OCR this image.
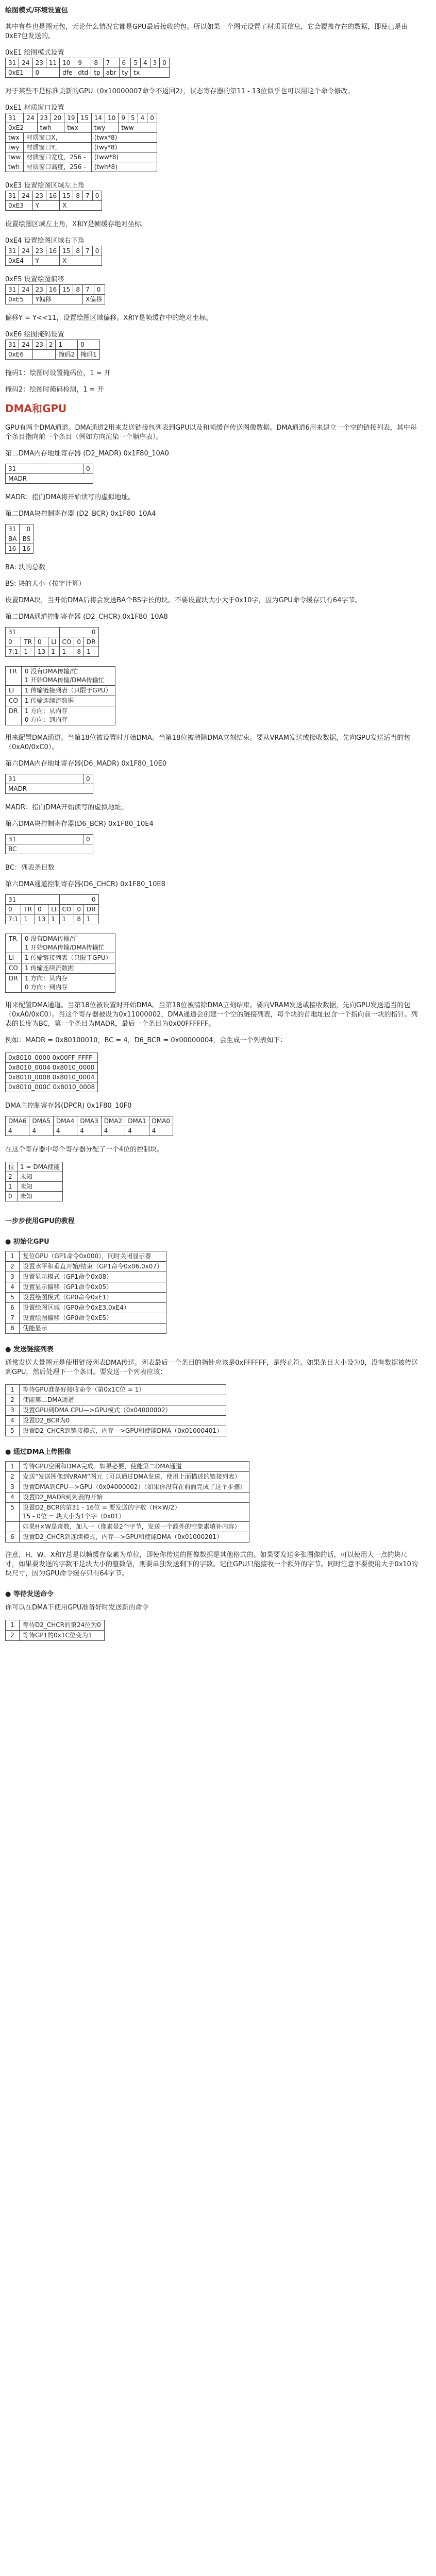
绘图模式/环境设置包

其中有些也是图元包，无论什么情况它都是GPU最后接收的包。所以如果一个图元设置了材质页信息，它会覆盖存在的数据，即使已是由0xE?包发送的。

0xE1 绘图模式设置
31	24	23	11	10	9	8	7	6	5	4	3	0
0xE1		0		dfe	dtd	tp	abr	ty	tx			

对于某些不是标准美新的GPU（0x10000007命令不返回2），状态寄存器的第11 - 13位似乎也可以用这个命令修改。

0xE1 材质窗口设置
31	24	23	20	19	15	14	10	9	5	4	0
0xE2		twh		twx		twy		tww			
twx	材质窗口X，					(twx*8)					
twy	材质窗口Y，					(twy*8)					
tww	材质窗口宽度，256 -					(tww*8)					
twh	材质窗口高度，256 -					(twh*8)					
0xE3 设置绘图区域左上角
31	24	23	16	15	8	7	0
0xE3		Y		X			

设置绘图区域左上角，X和Y是帧缓存绝对坐标。

0xE4 设置绘图区域右下角
31	24	23	16	15	8	7	0
0xE4		Y		X			
0xE5 设置绘图偏移
31	24	23	16	15	8	7	0
0xE5		Y偏移				X偏移	

偏移Y = Y<<11，设置绘图区域偏移。X和Y是帧缓存中的绝对坐标。

0xE6 绘图掩码设置
31	24	23	2	1	0
0xE6				掩码2	掩码1

掩码1：绘图时设置掩码位，1 = 开

掩码2：绘图时掩码检测，1 = 开

DMA和GPU

GPU有两个DMA通道。DMA通道2用来发送链接包列表到GPU以及和帧缓存传送图像数据。DMA通道6用来建立一个空的链接列表，其中每个条目指向前一个条目（例如方向渲染一个顺序表）。

第二DMA内存地址寄存器 (D2_MADR) 0x1F80_10A0
31	0
MADR

MADR：指向DMA将开始读写的虚拟地址。

第二DMA块控制寄存器 (D2_BCR) 0x1F80_10A4
31	0
BA	BS
16	16

BA: 块的总数

BS: 块的大小（按字计算）

设置DMA块，当开始DMA后将会发送BA个BS字长的块。不要设置块大小大于0x10字，因为GPU命令缓存只有64字节。

第二DMA通道控制寄存器 (D2_CHCR) 0x1F80_10A8
31				0		
0	TR	0	LI	CO	0	DR
7:1	1	13	1	1	8	1
TR	0 没有DMA传输/忙
1 开始DMA传输/DMA传输忙
LI	1 传输链接列表（只限于GPU）
CO	1 传输连续流数据
DR	1 方向：从内存
0 方向：到内存

用来配置DMA通道。当第18位被设置时开始DMA。当第18位被清除DMA立刻结束。要从VRAM发送或接收数据，先向GPU发送适当的包（0xA0/0xC0）。

第六DMA内存地址寄存器(D6_MADR) 0x1F80_10E0
31	0
MADR

MADR：指向DMA开始读写的虚拟地址。

第六DMA块控制寄存器(D6_BCR) 0x1F80_10E4
31	0
BC

BC：列表条目数

第六DMA通道控制寄存器(D6_CHCR) 0x1F80_10E8
31				0		
0	TR	0	LI	CO	0	DR
7:1	1	13	1	1	8	1
TR	0 没有DMA传输/忙
1 开始DMA传输/DMA传输忙
LI	1 传输链接列表（只限于GPU）
CO	1 传输连续流数据
DR	1 方向：从内存
0 方向：到内存

用来配置DMA通道。当第18位被设置时开始DMA。当第18位被清除DMA立刻结束。要向VRAM发送或接收数据，先向GPU发送适当的包（0xA0/0xC0）。当这个寄存器被设为0x11000002，DMA通道会创建一个空的链接列表，每个块的首地址包含一个指向前一块的指针。列表的长度为BC，第一个条目为MADR，最后一个条目为0x00FFFFFF。

例如：MADR = 0x80100010，BC = 4，D6_BCR = 0x00000004，会生成一个列表如下：

0x8010_0000 0x00FF_FFFF
0x8010_0004 0x8010_0000
0x8010_0008 0x8010_0004
0x8010_000C 0x8010_0008
DMA主控制寄存器(DPCR) 0x1F80_10F0
DMA6	DMA5	DMA4	DMA3	DMA2	DMA1	DMA0
4	4	4	4	4	4	4

在这个寄存器中每个寄存器分配了一个4位的控制块。

位	1 = DMA使能
2	未知
1	未知
0	未知
一步步使用GPU的教程
● 初始化GPU
1	复位GPU（GP1命令0x000），同时关闭显示器
2	设置水平和垂直开始/结束（GP1命令0x06,0x07）
3	设置显示模式（GP1命令0x08）
4	设置显示偏移（GP1命令0x05）
5	设置绘图模式（GP0命令0xE1）
6	设置绘图区域（GP0命令0xE3,0xE4）
7	设置绘图偏移（GP0命令0xE5）
8	使能显示
● 发送链接列表

通常发送大量图元是使用链接列表DMA传送。列表最后一个条目的指针应该是0xFFFFFF，是终止符。如果条目大小设为0，没有数据被传送到GPU，然后处理下一个条目。要发送一个列表应该：

1	等待GPU准备好接收命令（第0x1C位 = 1）
2	使能第二DMA通道
3	设置GPU到DMA CPU—>GPU模式（0x04000002）
4	设置D2_BCR为0
5	设置D2_CHCR到链接模式，内存—>GPU和使能DMA（0x01000401）
● 通过DMA上传图像
1	等待GPU空闲和DMA完成。如果必要，使能第二DMA通道
2	发送“发送图像到VRAM”图元（可以通过DMA发送，使用上面描述的链接列表）
3	设置DMA到CPU—>GPU（0x04000002）（如果你没有在前面完成了这个步骤）
4	设置D2_MADR到列表的开始
5	设置D2_BCR的第31 - 16位 = 要发送的字数（H×W/2）
15 - 0位 = 块大小为1个字（0x01）
	如果H×W是奇数，加入一（像素是2个字节，发送一个额外的空象素填补内容）
6	设置D2_CHCR到连续模式，内存—>GPU和使能DMA（0x01000201）

注意，H、W、X和Y总是以帧缓存象素为单位，即使你传送的图像数据是其他格式的。如果要发送多张图像的话，可以使用大一点的块尺寸，如果要发送的字数不是块大小的整数倍，则要单独发送剩下的字数。记住GPU只能接收一个额外的字节。同时注意不要使用大于0x10的块尺寸，因为GPU命令缓存只有64字节。

● 等待发送命令

你可以在DMA下使用GPU准备好时发送新的命令

1	等待D2_CHCR的第24位为0
2	等待GP1的0x1C位变为1
